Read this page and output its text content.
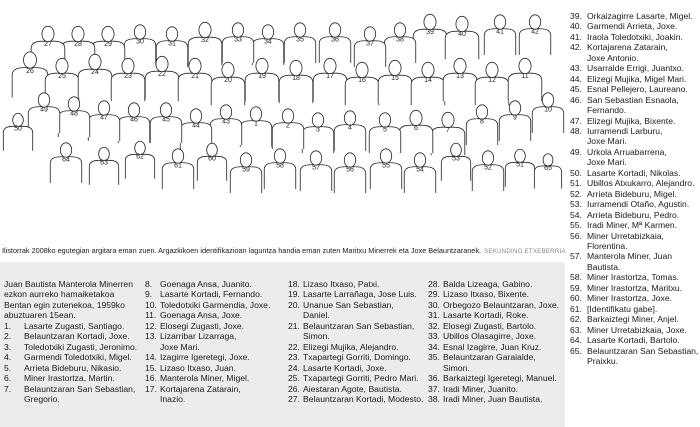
39	40	41	42
38
37
36
35
34
33
32
31
30
29
28
27
26
25
24
23	22	21
20
19	18	17
16	15	14
13
12
11
10
9
8
7
6
5
4
3
2
1
43
44
45
46
47
48
49
50
64	63
62
61
60
59
58	57	56
55
54
53
52	51	65
Ilistorrak 2008ko egutegian argitara eman zuen. Argazkikoen identifikazioan laguntza handia eman zuten Maritxu Minerrek eta Joxe Belauntzaranek. SEKUNDINO ETXEBERRIA
Juan Bautista Manterola Minerren
ezkon aurreko hamaiketakoa
Bentan egin zutenekoa, 1959ko
abuztuaren 15ean.
1. Lasarte Zugasti, Santiago.
2. Belauntzaran Kortadi, Joxe.
3. Toledotxiki Zugasti, Jeronimo.
4. Garmendi Toledotxiki, Migel.
5. Arrieta Bideburu, Nikasio.
6. Miner Irastortza, Martin.
7. Belauntzaran San Sebastian,
Gregorio.
8. Goenaga Ansa, Juanito.
9. Lasarte Kortadi, Fernando.
10. Toledotxiki Garmendia, Joxe.
11. Goenaga Ansa, Joxe.
12. Elosegi Zugasti, Joxe.
13. Lizarribar Lizarraga,
Joxe Mari.
14. Izagirre Igeretegi, Joxe.
15. Lizaso Itxaso, Juan.
16. Manterola Miner, Migel.
17. Kortajarena Zatarain,
Inazio.
18. Lizaso Itxaso, Patxi.
19. Lasarte Larrañaga, Jose Luis.
20. Unanue San Sebastian,
Daniel.
21. Belauntzaran San Sebastian,
Simon.
22. Elizegi Mujika, Alejandro.
23. Txapartegi Gorriti, Domingo.
24. Lasarte Kortadi, Joxe.
25. Txapartegi Gorriti, Pedro Mari.
26. Aiestaran Agote, Bautista.
27. Belauntzaran Kortadi, Modesto.
28. Balda Lizeaga, Gabino.
29. Lizaso Itxaso, Bixente.
30. Orbegozo Belauntzaran, Joxe.
31. Lasarte Kortadi, Roke.
32. Elosegi Zugasti, Bartolo.
33. Ubillos Olasagirre, Joxe.
34. Esnal Izagirre, Juan Kruz.
35. Belauntzaran Garaialde,
Simon.
36. Barkaiztegi Igeretegi, Manuel.
37. Iradi Miner, Juanito.
38. Iradi Miner, Juan Bautista.
39. Orkaizagirre Lasarte, Migel.
40. Garmendi Arrieta, Joxe.
41. Iraola Toledotxiki, Joakin.
42. Kortajarena Zatarain,
Joxe Antonio.
43. Usarralde Errigi, Juantxo.
44. Elizegi Mujika, Migel Mari.
45. Esnal Pellejero, Laureano.
46. San Sebastian Esnaola,
Fernando.
47. Elizegi Mujika, Bixente.
48. Iurramendi Larburu,
Joxe Mari.
49. Urkola Arruabarrena,
Joxe Mari.
50. Lasarte Kortadi, Nikolas.
51. Ubillos Atxukarro, Alejandro.
52. Arrieta Bideburu, Migel.
53. Iurramendi Otaño, Agustin.
54. Arrieta Bideburu, Pedro.
55. Iradi Miner, Mª Karmen.
56. Miner Urretabizkaia,
Florentina.
57. Manterola Miner, Juan
Bautista.
58. Miner Irastortza, Tomas.
59. Miner Irastortza, Maritxu.
60. Miner Irastortza, Joxe.
61. [Identifikatu gabe].
62. Barkaiztegi Miner, Anjel.
63. Miner Urretabizkaia, Joxe.
64. Lasarte Kortadi, Bartolo.
65. Belauntzaran San Sebastian,
Praixku.
